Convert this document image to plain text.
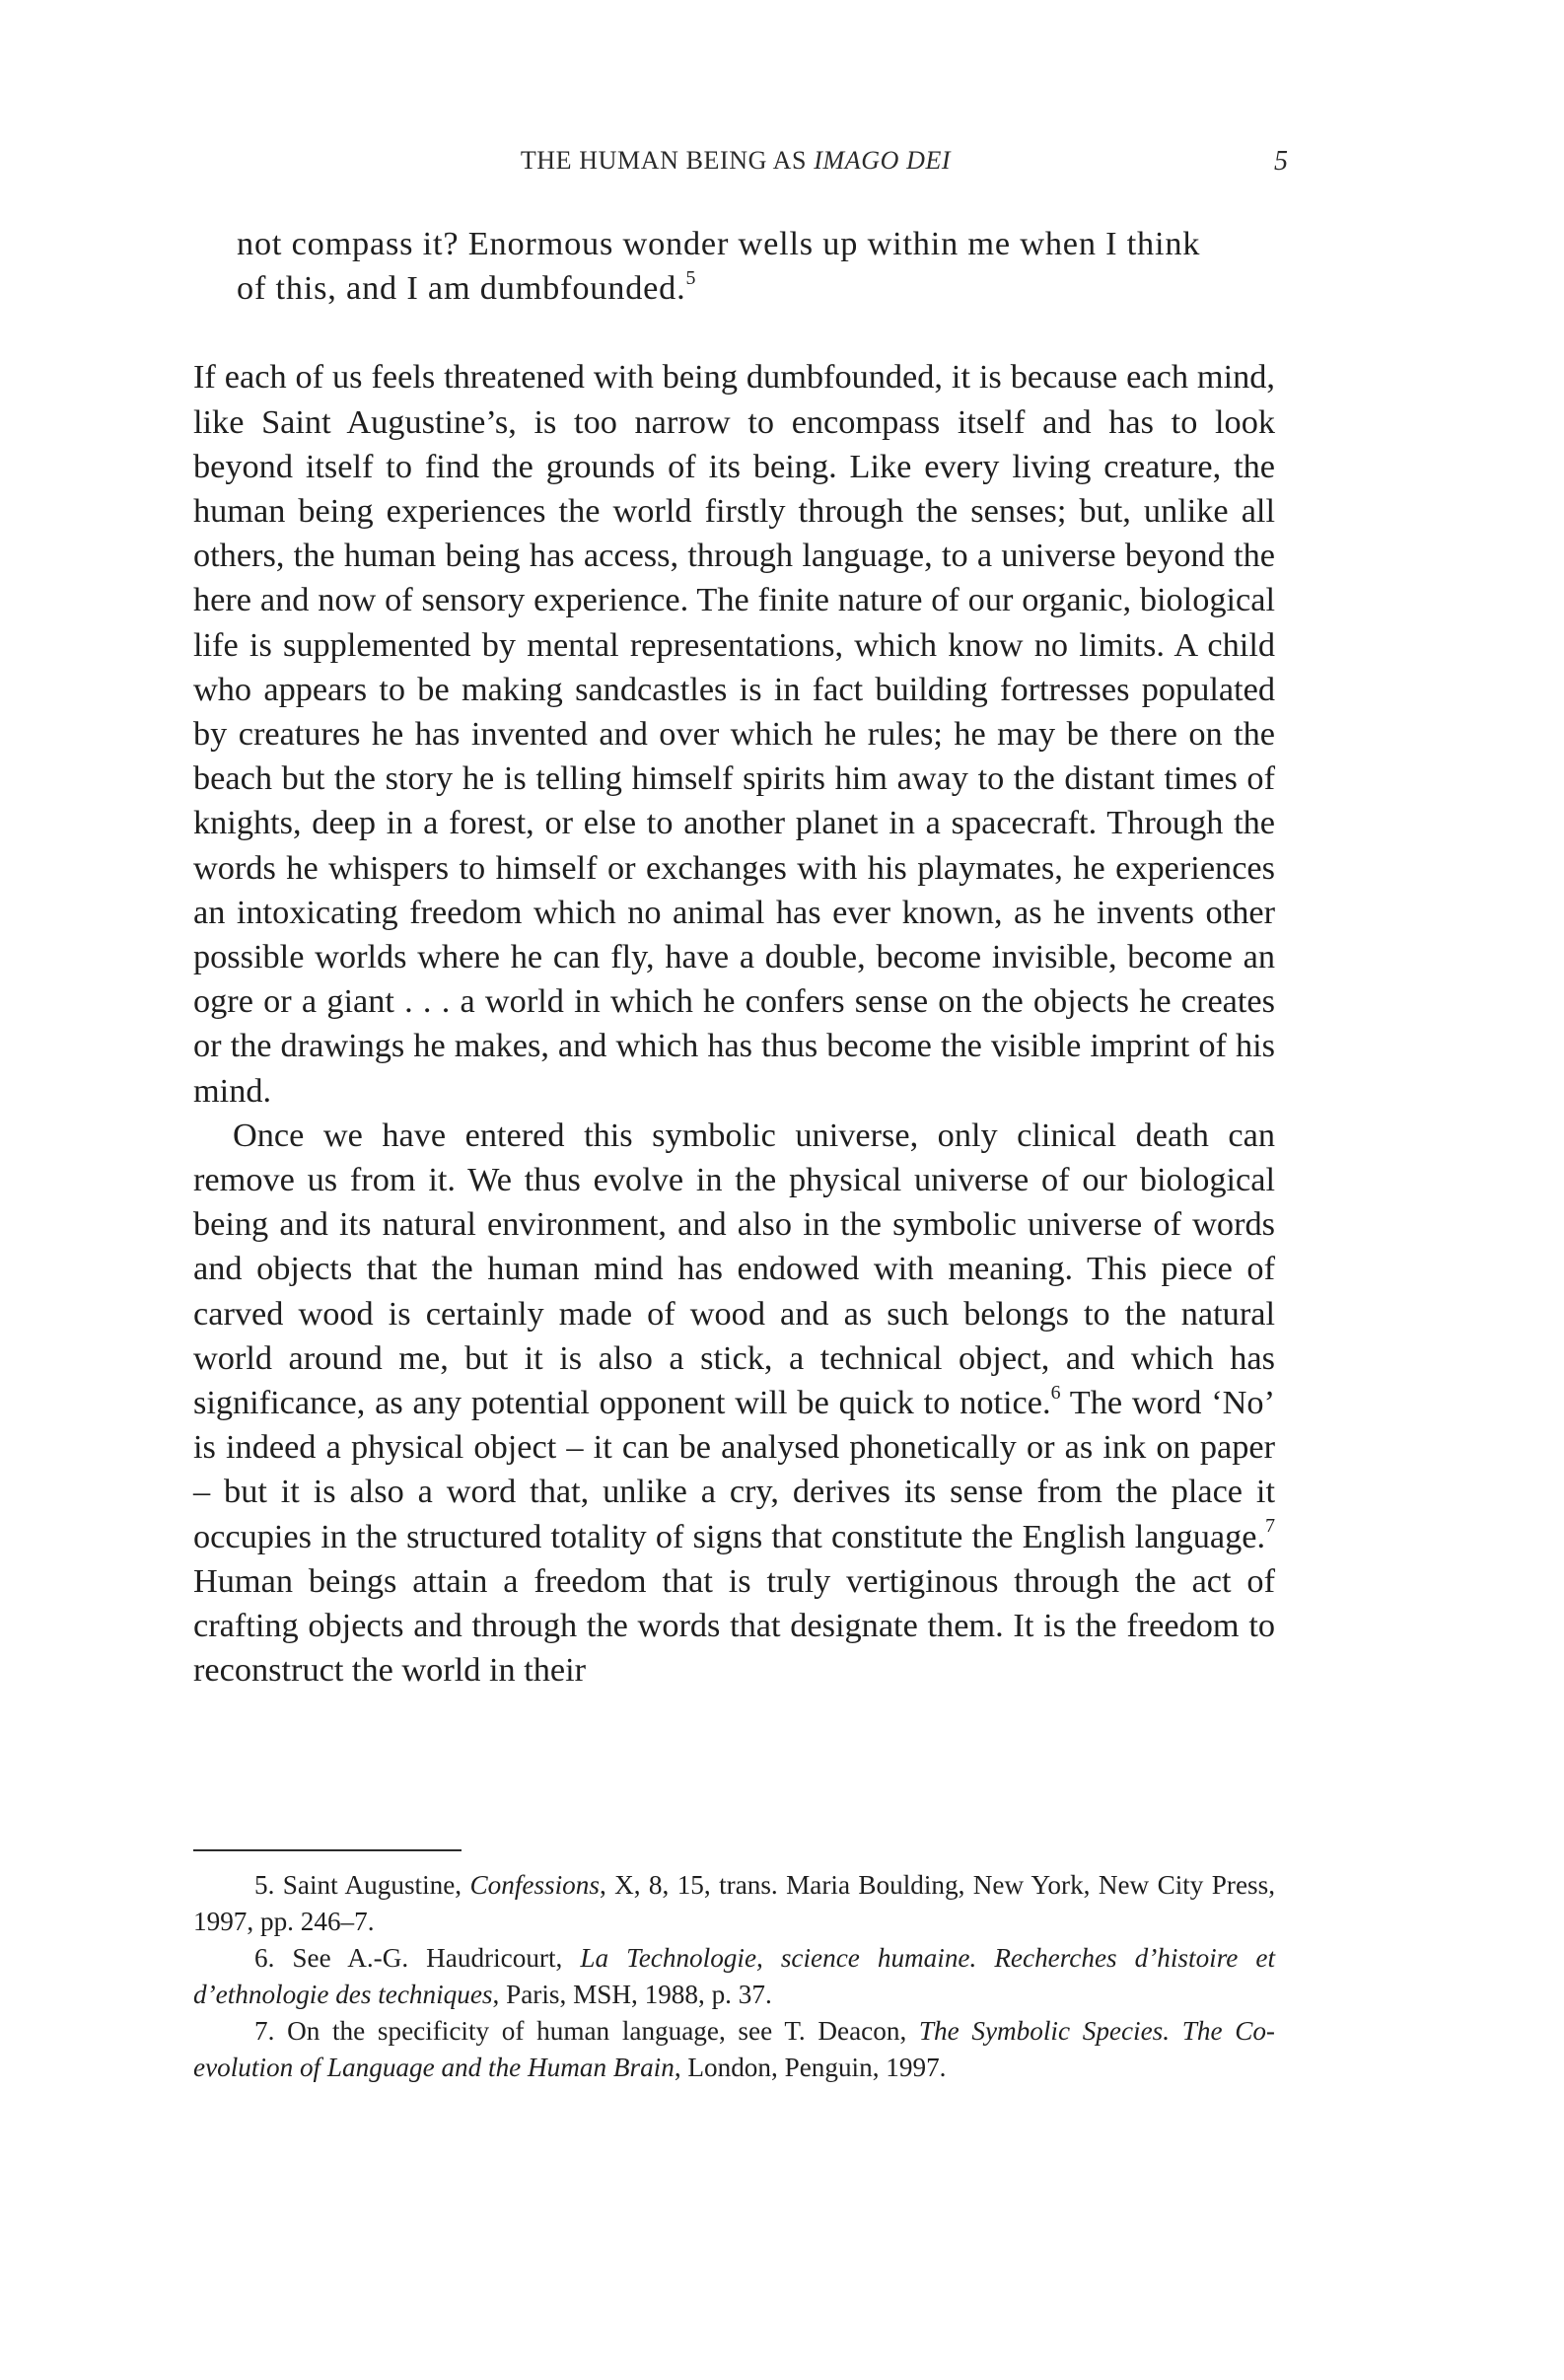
THE HUMAN BEING AS IMAGO DEI	5

not compass it? Enormous wonder wells up within me when I think of this, and I am dumbfounded.$^5$

If each of us feels threatened with being dumbfounded, it is because each mind, like Saint Augustine’s, is too narrow to encompass itself and has to look beyond itself to find the grounds of its being. Like every living creature, the human being experiences the world firstly through the senses; but, unlike all others, the human being has access, through language, to a universe beyond the here and now of sensory experience. The finite nature of our organic, biological life is supplemented by mental representations, which know no limits. A child who appears to be making sandcastles is in fact building fortresses populated by creatures he has invented and over which he rules; he may be there on the beach but the story he is telling himself spirits him away to the distant times of knights, deep in a forest, or else to another planet in a spacecraft. Through the words he whispers to himself or exchanges with his playmates, he experiences an intoxicating freedom which no animal has ever known, as he invents other possible worlds where he can fly, have a double, become invisible, become an ogre or a giant . . . a world in which he confers sense on the objects he creates or the drawings he makes, and which has thus become the visible imprint of his mind.

Once we have entered this symbolic universe, only clinical death can remove us from it. We thus evolve in the physical universe of our biological being and its natural environment, and also in the symbolic universe of words and objects that the human mind has endowed with meaning. This piece of carved wood is certainly made of wood and as such belongs to the natural world around me, but it is also a stick, a technical object, and which has significance, as any potential opponent will be quick to notice.$^6$ The word ‘No’ is indeed a physical object – it can be analysed phonetically or as ink on paper – but it is also a word that, unlike a cry, derives its sense from the place it occupies in the structured totality of signs that constitute the English language.$^7$ Human beings attain a freedom that is truly vertiginous through the act of crafting objects and through the words that designate them. It is the freedom to reconstruct the world in their

5. Saint Augustine, Confessions, X, 8, 15, trans. Maria Boulding, New York, New City Press, 1997, pp. 246–7.

6. See A.-G. Haudricourt, La Technologie, science humaine. Recherches d’histoire et d’ethnologie des techniques, Paris, MSH, 1988, p. 37.

7. On the specificity of human language, see T. Deacon, The Symbolic Species. The Co-evolution of Language and the Human Brain, London, Penguin, 1997.
